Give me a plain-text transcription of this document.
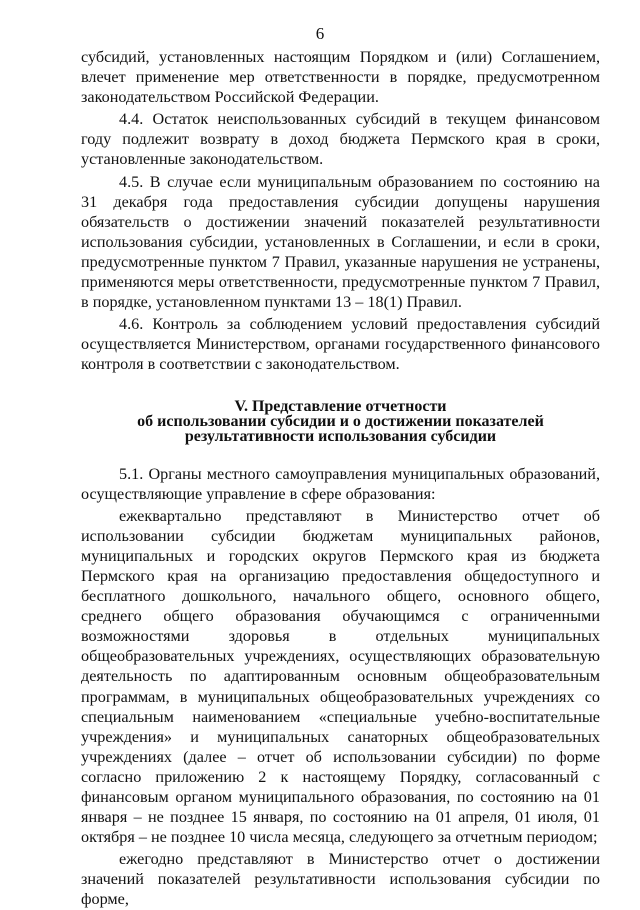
6

субсидий, установленных настоящим Порядком и (или) Соглашением, влечет применение мер ответственности в порядке, предусмотренном законодательством Российской Федерации.

4.4. Остаток неиспользованных субсидий в текущем финансовом году подлежит возврату в доход бюджета Пермского края в сроки, установленные законодательством.

4.5. В случае если муниципальным образованием по состоянию на 31 декабря года предоставления субсидии допущены нарушения обязательств о достижении значений показателей результативности использования субсидии, установленных в Соглашении, и если в сроки, предусмотренные пунктом 7 Правил, указанные нарушения не устранены, применяются меры ответственности, предусмотренные пунктом 7 Правил, в порядке, установленном пунктами 13 – 18(1) Правил.

4.6. Контроль за соблюдением условий предоставления субсидий осуществляется Министерством, органами государственного финансового контроля в соответствии с законодательством.

V. Представление отчетности
об использовании субсидии и о достижении показателей
результативности использования субсидии

5.1. Органы местного самоуправления муниципальных образований, осуществляющие управление в сфере образования:

ежеквартально представляют в Министерство отчет об использовании субсидии бюджетам муниципальных районов, муниципальных и городских округов Пермского края из бюджета Пермского края на организацию предоставления общедоступного и бесплатного дошкольного, начального общего, основного общего, среднего общего образования обучающимся с ограниченными возможностями здоровья в отдельных муниципальных общеобразовательных учреждениях, осуществляющих образовательную деятельность по адаптированным основным общеобразовательным программам, в муниципальных общеобразовательных учреждениях со специальным наименованием «специальные учебно-воспитательные учреждения» и муниципальных санаторных общеобразовательных учреждениях (далее – отчет об использовании субсидии) по форме согласно приложению 2 к настоящему Порядку, согласованный с финансовым органом муниципального образования, по состоянию на 01 января – не позднее 15 января, по состоянию на 01 апреля, 01 июля, 01 октября – не позднее 10 числа месяца, следующего за отчетным периодом;

ежегодно представляют в Министерство отчет о достижении значений показателей результативности использования субсидии по форме,
